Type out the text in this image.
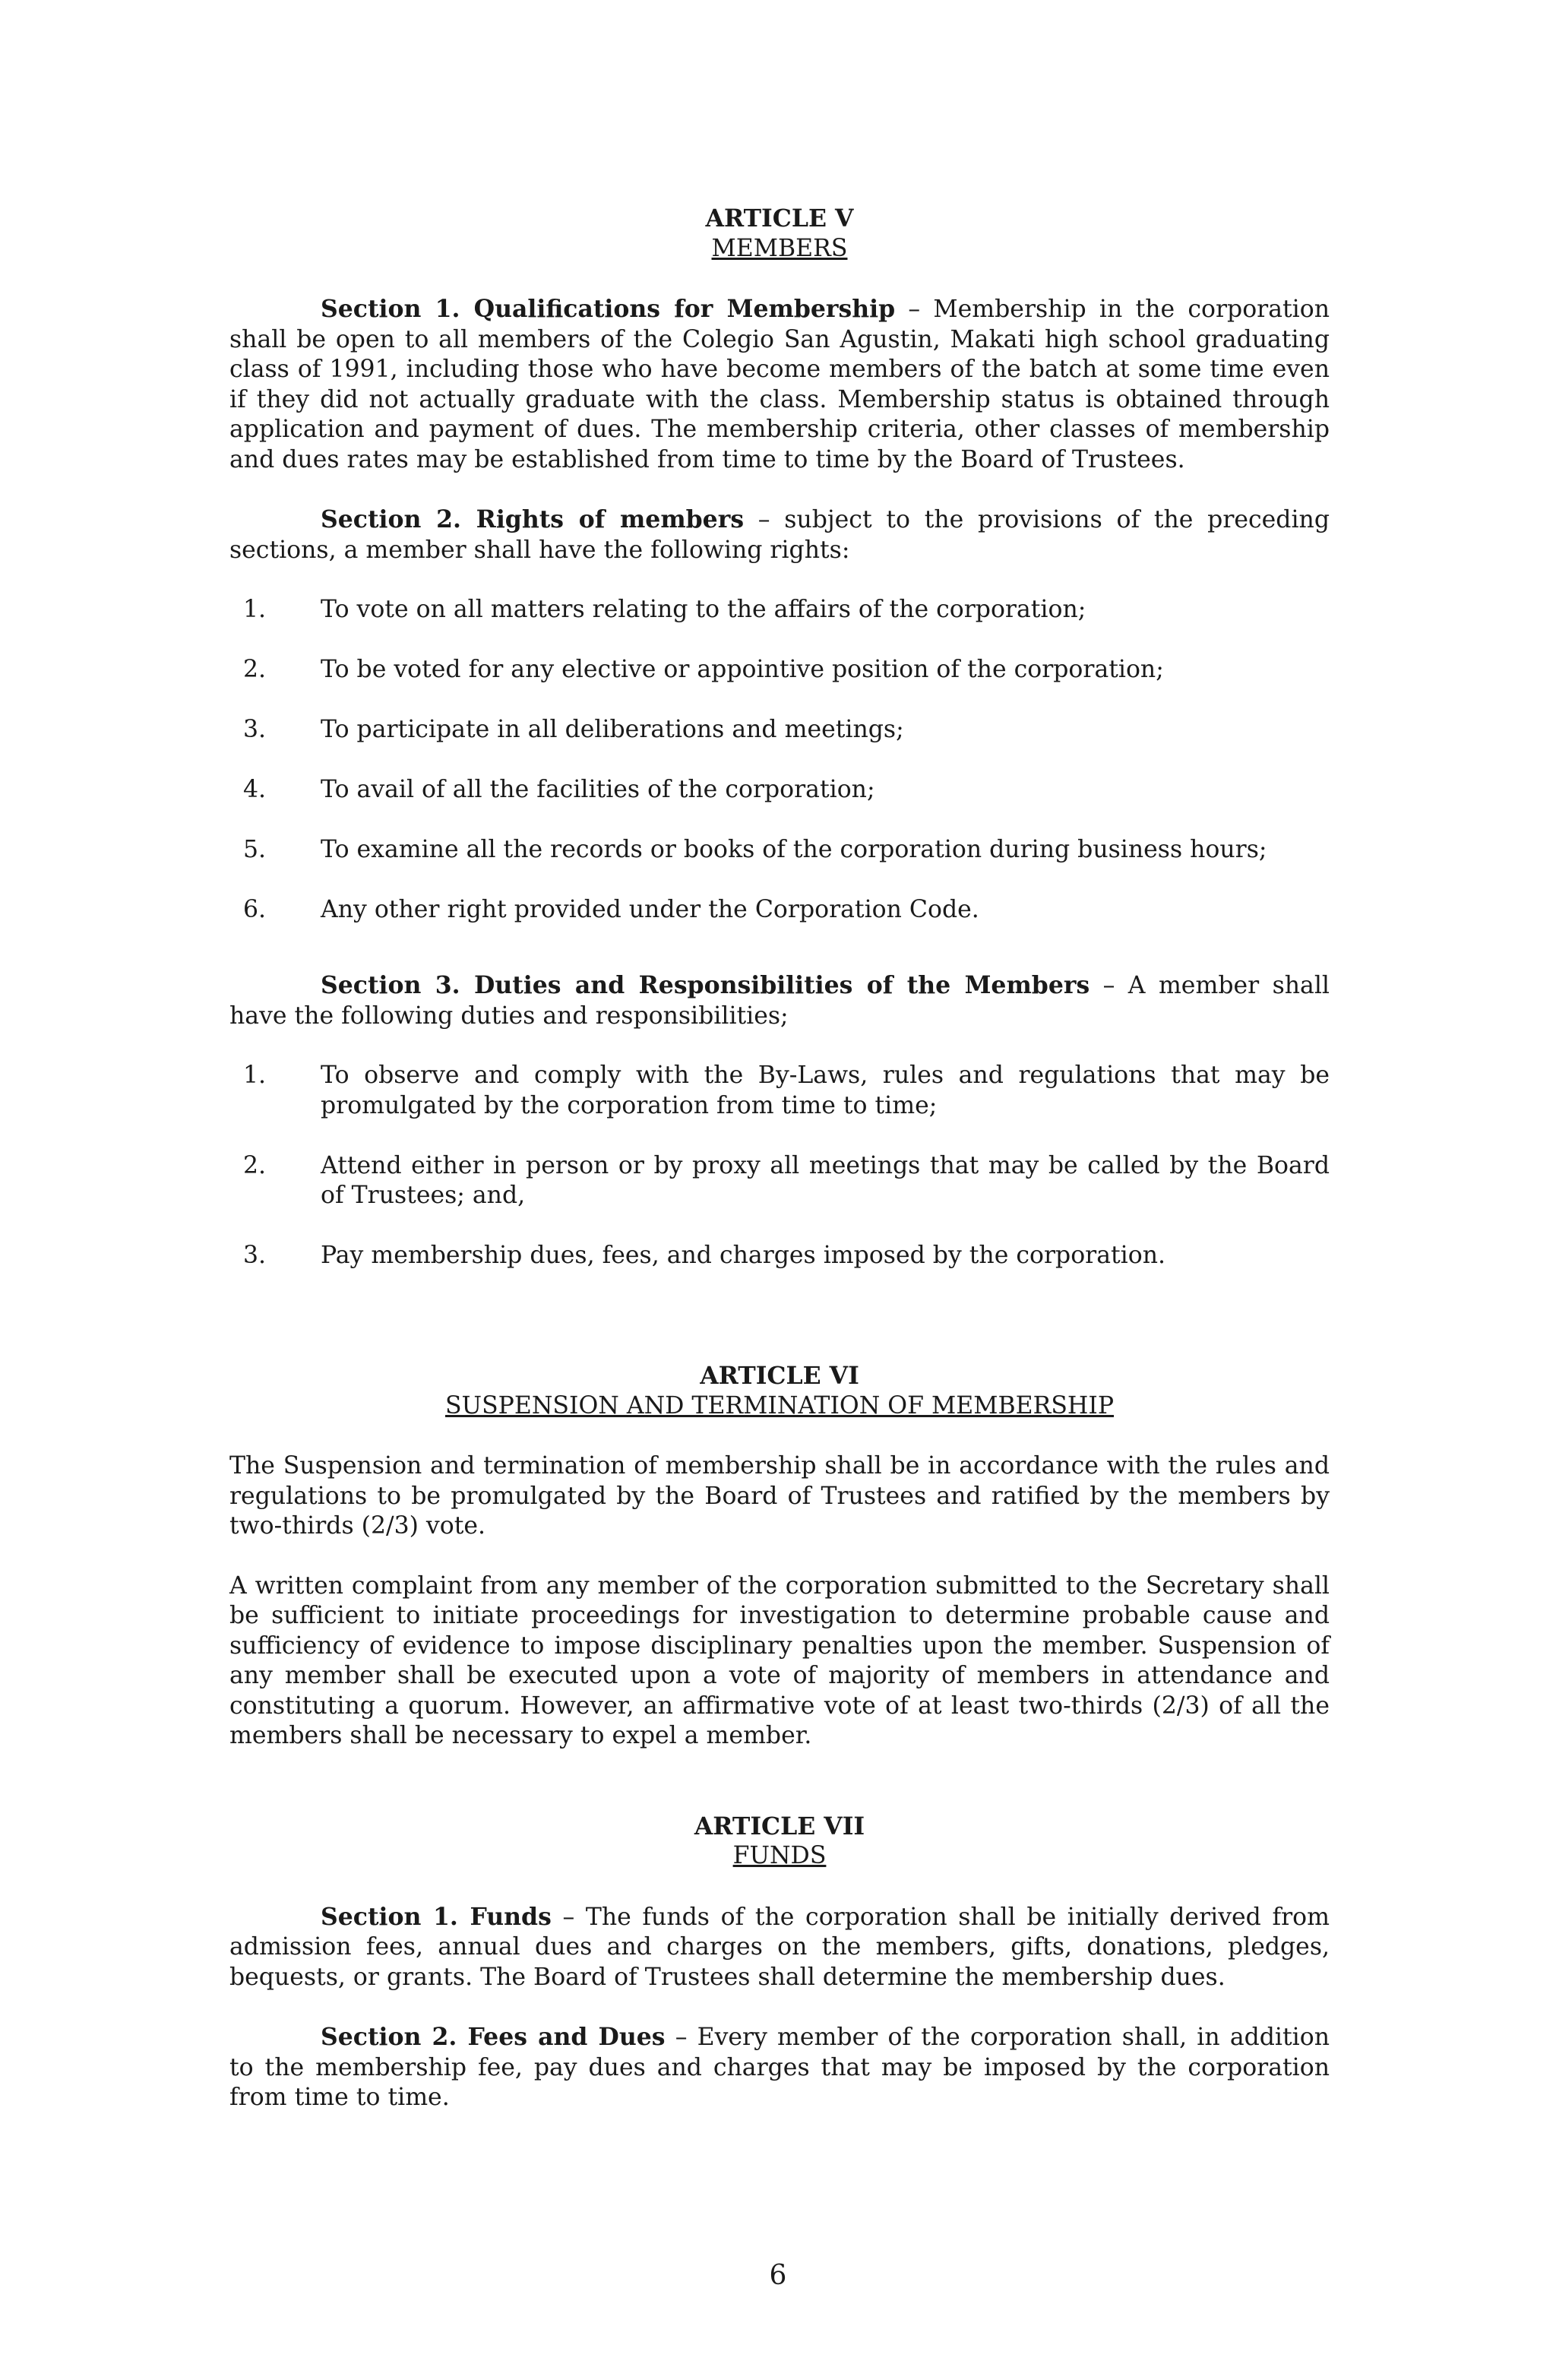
ARTICLE V
MEMBERS

Section 1. Qualifications for Membership – Membership in the corporation shall be open to all members of the Colegio San Agustin, Makati high school graduating class of 1991, including those who have become members of the batch at some time even if they did not actually graduate with the class. Membership status is obtained through application and payment of dues. The membership criteria, other classes of membership and dues rates may be established from time to time by the Board of Trustees.

Section 2. Rights of members – subject to the provisions of the preceding sections, a member shall have the following rights:

1.	To vote on all matters relating to the affairs of the corporation;
2.	To be voted for any elective or appointive position of the corporation;
3.	To participate in all deliberations and meetings;
4.	To avail of all the facilities of the corporation;
5.	To examine all the records or books of the corporation during business hours;
6.	Any other right provided under the Corporation Code.

Section 3. Duties and Responsibilities of the Members – A member shall have the following duties and responsibilities;

1.	To observe and comply with the By-Laws, rules and regulations that may be promulgated by the corporation from time to time;
2.	Attend either in person or by proxy all meetings that may be called by the Board of Trustees; and,
3.	Pay membership dues, fees, and charges imposed by the corporation.
ARTICLE VI
SUSPENSION AND TERMINATION OF MEMBERSHIP

The Suspension and termination of membership shall be in accordance with the rules and regulations to be promulgated by the Board of Trustees and ratified by the members by two-thirds (2/3) vote.

A written complaint from any member of the corporation submitted to the Secretary shall be sufficient to initiate proceedings for investigation to determine probable cause and sufficiency of evidence to impose disciplinary penalties upon the member. Suspension of any member shall be executed upon a vote of majority of members in attendance and constituting a quorum. However, an affirmative vote of at least two-thirds (2/3) of all the members shall be necessary to expel a member.

ARTICLE VII
FUNDS

Section 1. Funds – The funds of the corporation shall be initially derived from admission fees, annual dues and charges on the members, gifts, donations, pledges, bequests, or grants. The Board of Trustees shall determine the membership dues.

Section 2. Fees and Dues – Every member of the corporation shall, in addition to the membership fee, pay dues and charges that may be imposed by the corporation from time to time.

6
